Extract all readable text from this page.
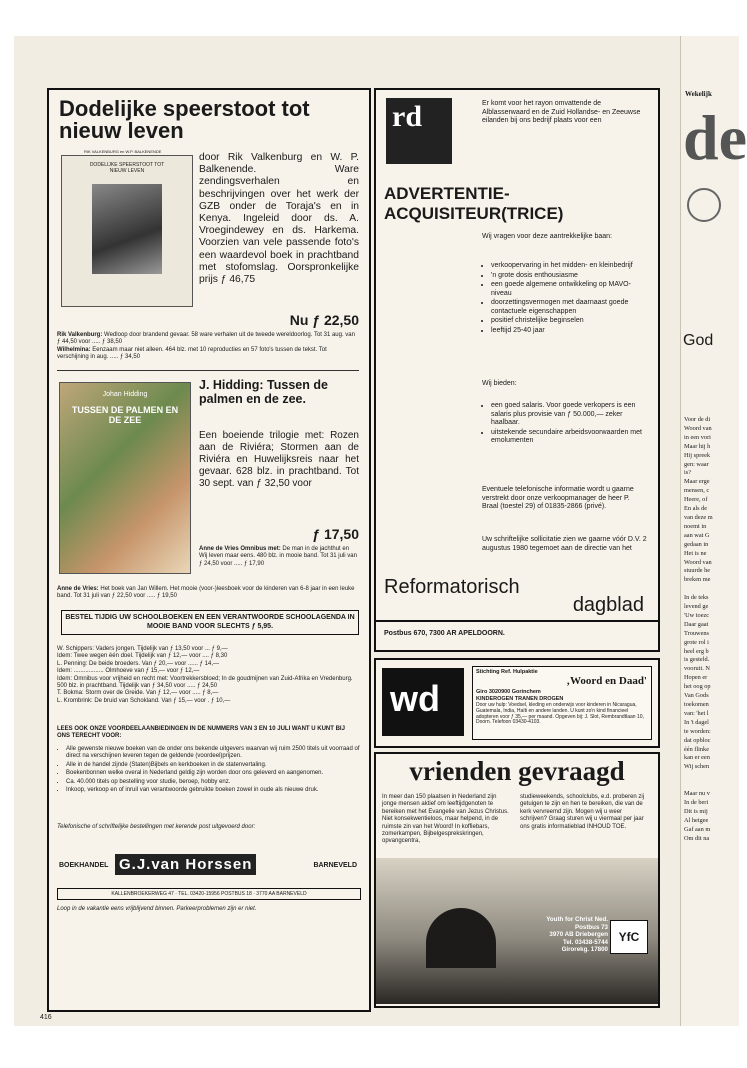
Dodelijke speerstoot tot nieuw leven
RIK VALKENBURG en W.P. BALKENENDE
DODELIJKE SPEERSTOOT TOT NIEUW LEVEN

door Rik Valkenburg en W. P. Balkenende. Ware zendingsverhalen en beschrijvingen over het werk der GZB onder de Toraja's en in Kenya. Ingeleid door ds. A. Vroegindewey en ds. Harkema. Voorzien van vele passende foto's een waardevol boek in prachtband met stofomslag. Oorspronkelijke prijs ƒ 46,75

Nu ƒ 22,50

Rik Valkenburg: Wedloop door brandend gevaar. 58 ware verhalen uit de tweede wereldoorlog. Tot 31 aug. van ƒ 44,50 voor ..... ƒ 38,50
Wilhelmina: Eenzaam maar niet alleen. 464 blz. met 10 reproducties en 57 foto's tussen de tekst. Tot verschijning in aug. ..... ƒ 34,50

Johan Hidding
TUSSEN DE PALMEN EN DE ZEE
J. Hidding: Tussen de palmen en de zee.

Een boeiende trilogie met: Rozen aan de Riviéra; Stormen aan de Riviéra en Huwelijksreis naar het gevaar. 628 blz. in prachtband. Tot 30 sept. van ƒ 32,50 voor

ƒ 17,50

Anne de Vries Omnibus met: De man in de jachthut en Wij leven maar eens. 480 blz. in mooie band. Tot 31 juli van ƒ 24,50 voor ..... ƒ 17,90

Anne de Vries: Het boek van Jan Willem. Het mooie (voor-)leesboek voor de kinderen van 6-8 jaar in een leuke band. Tot 31 juli van ƒ 22,50 voor ..... ƒ 19,50

BESTEL TIJDIG UW SCHOOLBOEKEN EN EEN VERANTWOORDE SCHOOLAGENDA IN MOOIE BAND VOOR SLECHTS ƒ 5,95.
W. Schippers: Vaders jongen. Tijdelijk van ƒ 13,50 voor ... ƒ 9,—
Idem: Twee wegen één doel. Tijdelijk van ƒ 12,— voor .... ƒ 8,30
L. Penning: De beide broeders. Van ƒ 20,— voor ...... ƒ 14,—
Idem: .................. Olmhoeve van ƒ 15,— voor ƒ 12,—
Idem: Omnibus voor vrijheid en recht met: Voortrekkersbloed; In de goudmijnen van Zuid-Afrika en Vredenburg. 500 blz. in prachtband. Tijdelijk van ƒ 34,50 voor ..... ƒ 24,50
T. Bokma: Storm over de Greide. Van ƒ 12,— voor ..... ƒ 8,—
L. Krombrink: De bruid van Schokland. Van ƒ 15,— voor . ƒ 10,—
LEES OOK ONZE VOORDEELAANBIEDINGEN IN DE NUMMERS VAN 3 EN 10 JULI WANT U KUNT BIJ ONS TERECHT VOOR:
• Alle gewenste nieuwe boeken van de onder ons bekende uitgevers waarvan wij ruim 2500 titels uit voorraad of direct na verschijnen leveren tegen de geldende (voordeel)prijzen.
• Alle in de handel zijnde (Staten)Bijbels en kerkboeken in de statenvertaling.
• Boekenbonnen welke overal in Nederland geldig zijn worden door ons geleverd en aangenomen.
• Ca. 40.000 titels op bestelling voor studie, beroep, hobby enz.
• Inkoop, verkoop en of inruil van verantwoorde gebruikte boeken zowel in oude als nieuwe druk.
Telefonische of schriftelijke bestellingen met kerende post uitgevoerd door:
BOEKHANDEL G.J.van Horssen	BARNEVELD
KALLENBROEKERWEG 47 · TEL. 03420-15956 POSTBUS 18 · 3770 AA BARNEVELD
Loop in de vakantie eens vrijblijvend binnen. Parkeerproblemen zijn er niet.
rd	Er komt voor het rayon omvattende de Alblasserwaard en de Zuid Hollandse- en Zeeuwse eilanden bij ons bedrijf plaats voor een

ADVERTENTIE-ACQUISITEUR(TRICE)

Wij vragen voor deze aantrekkelijke baan:

• verkoopervaring in het midden- en kleinbedrijf
• 'n grote dosis enthousiasme
• een goede algemene ontwikkeling op MAVO-niveau
• doorzettingsvermogen met daarnaast goede contactuele eigenschappen
• positief christelijke beginselen
• leeftijd 25-40 jaar

Wij bieden:

• een goed salaris. Voor goede verkopers is een salaris plus provisie van ƒ 50.000,— zeker haalbaar.
• uitstekende secundaire arbeidsvoorwaarden met emolumenten

Eventuele telefonische informatie wordt u gaarne verstrekt door onze verkoopmanager de heer P. Braal (toestel 29) of 01835-2866 (privé).

Uw schriftelijke sollicitatie zien we gaarne vóór D.V. 2 augustus 1980 tegemoet aan de directie van het

Reformatorisch
dagblad
Postbus 670, 7300 AR APELDOORN.
wd
Stichting Ref. Hulpaktie
‚Woord en Daad'
Giro 3020900 Gorinchem
KINDEROGEN TRANEN DROGEN
Door uw hulp: Voedsel, kleding en onderwijs voor kinderen in Nicaragua, Guatemala, India, Haïti en andere landen. U kunt zo'n kind financieel adopteren voor ƒ 35,— per maand. Opgeven bij: J. Slot, Rembrandtlaan 10, Doorn. Telefoon 03430-4103.
vrienden gevraagd

In meer dan 150 plaatsen in Nederland zijn jonge mensen aktief om leeftijdgenoten te bereiken met het Evangelie van Jezus Christus. Niet konsekwentieloos, maar helpend, in de ruimste zin van het Woord! In koffiebars, zomerkampen, Bijbelgesprekskringen, opvangcentra,

studieweekends, schoolclubs, e.d. proberen zij getuigen te zijn en hen te bereiken, die van de kerk vervreemd zijn. Mogen wij u weer schrijven? Graag sturen wij u viermaal per jaar ons gratis informatieblad INHOUD TOE.

Youth for Christ Ned.
Postbus 73
3970 AB Driebergen
Tel. 03438-5744
Girorekg. 17800
YfC
416
Wekelijk
de
God
Voor de di
Woord van
in een vori
Maar hij h
Hij spreek
gen: waar
is?
Maar erge
mensen, c
Heere, of
En als de
van deze m
noemt in
aan wat G
gedaan in
Het is ne
Woord van
stuurde he
breken me

In de teks
levend ge
'Uw toezc
Daar gaat
Trouwens
grote rol i
heel erg b
is gesteld.
vooruit. N
Hopen er
het oog op
Van Gods
toekomen
van: 'het l
In 't dagel
te worden:
dat opbloc
één flinke
kan er een
Wij schen

Maar nu v
In de beri
Dit is mij
Al hetgee
Gaf aan m
Om dit na
